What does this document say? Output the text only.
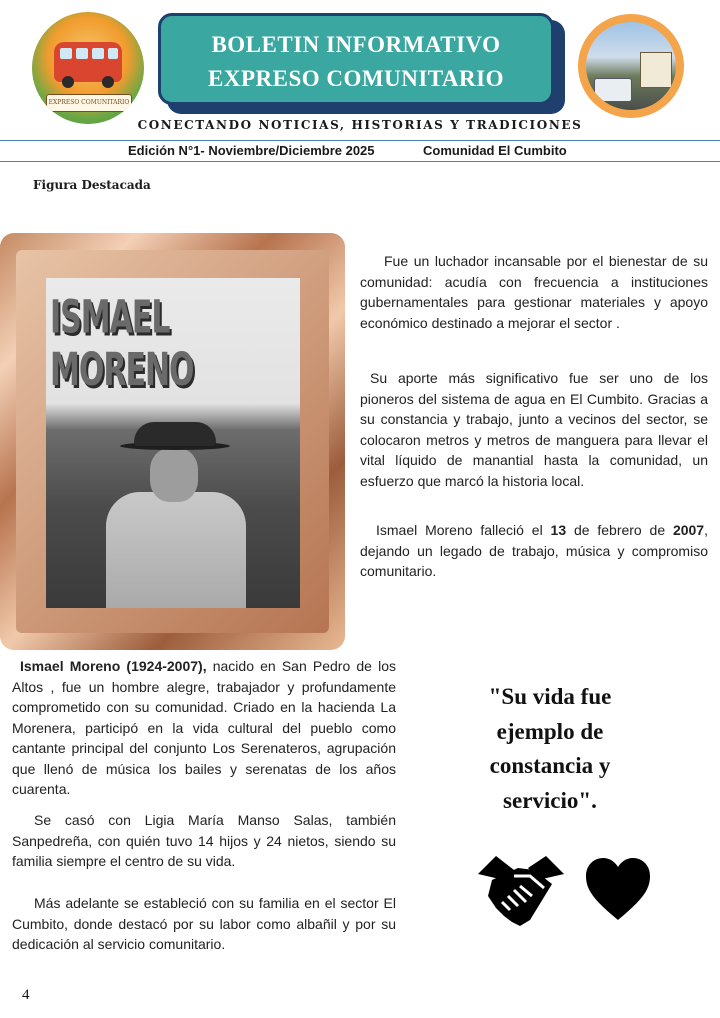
EXPRESO COMUNITARIO
BOLETIN INFORMATIVO
EXPRESO COMUNITARIO
CONECTANDO NOTICIAS, HISTORIAS Y TRADICIONES
Edición N°1- Noviembre/Diciembre 2025	Comunidad El Cumbito
Figura Destacada
ISMAEL MORENO

Fue un luchador incansable por el bienestar de su comunidad: acudía con frecuencia a instituciones gubernamentales para gestionar materiales y apoyo económico destinado a mejorar el sector .

Su aporte más significativo fue ser uno de los pioneros del sistema de agua en El Cumbito. Gracias a su constancia y trabajo, junto a vecinos del sector, se colocaron metros y metros de manguera para llevar el vital líquido de manantial hasta la comunidad, un esfuerzo que marcó la historia local.

Ismael Moreno falleció el 13 de febrero de 2007, dejando un legado de trabajo, música y compromiso comunitario.

Ismael Moreno (1924-2007), nacido en San Pedro de los Altos , fue un hombre alegre, trabajador y profundamente comprometido con su comunidad. Criado en la hacienda La Morenera, participó en la vida cultural del pueblo como cantante principal del conjunto Los Serenateros, agrupación que llenó de música los bailes y serenatas de los años cuarenta.

Se casó con Ligia María Manso Salas, también Sanpedreña, con quién tuvo 14 hijos y 24 nietos, siendo su familia siempre el centro de su vida.

Más adelante se estableció con su familia en el sector El Cumbito, donde destacó por su labor como albañil y por su dedicación al servicio comunitario.

"Su vida fue ejemplo de constancia y servicio".
4
